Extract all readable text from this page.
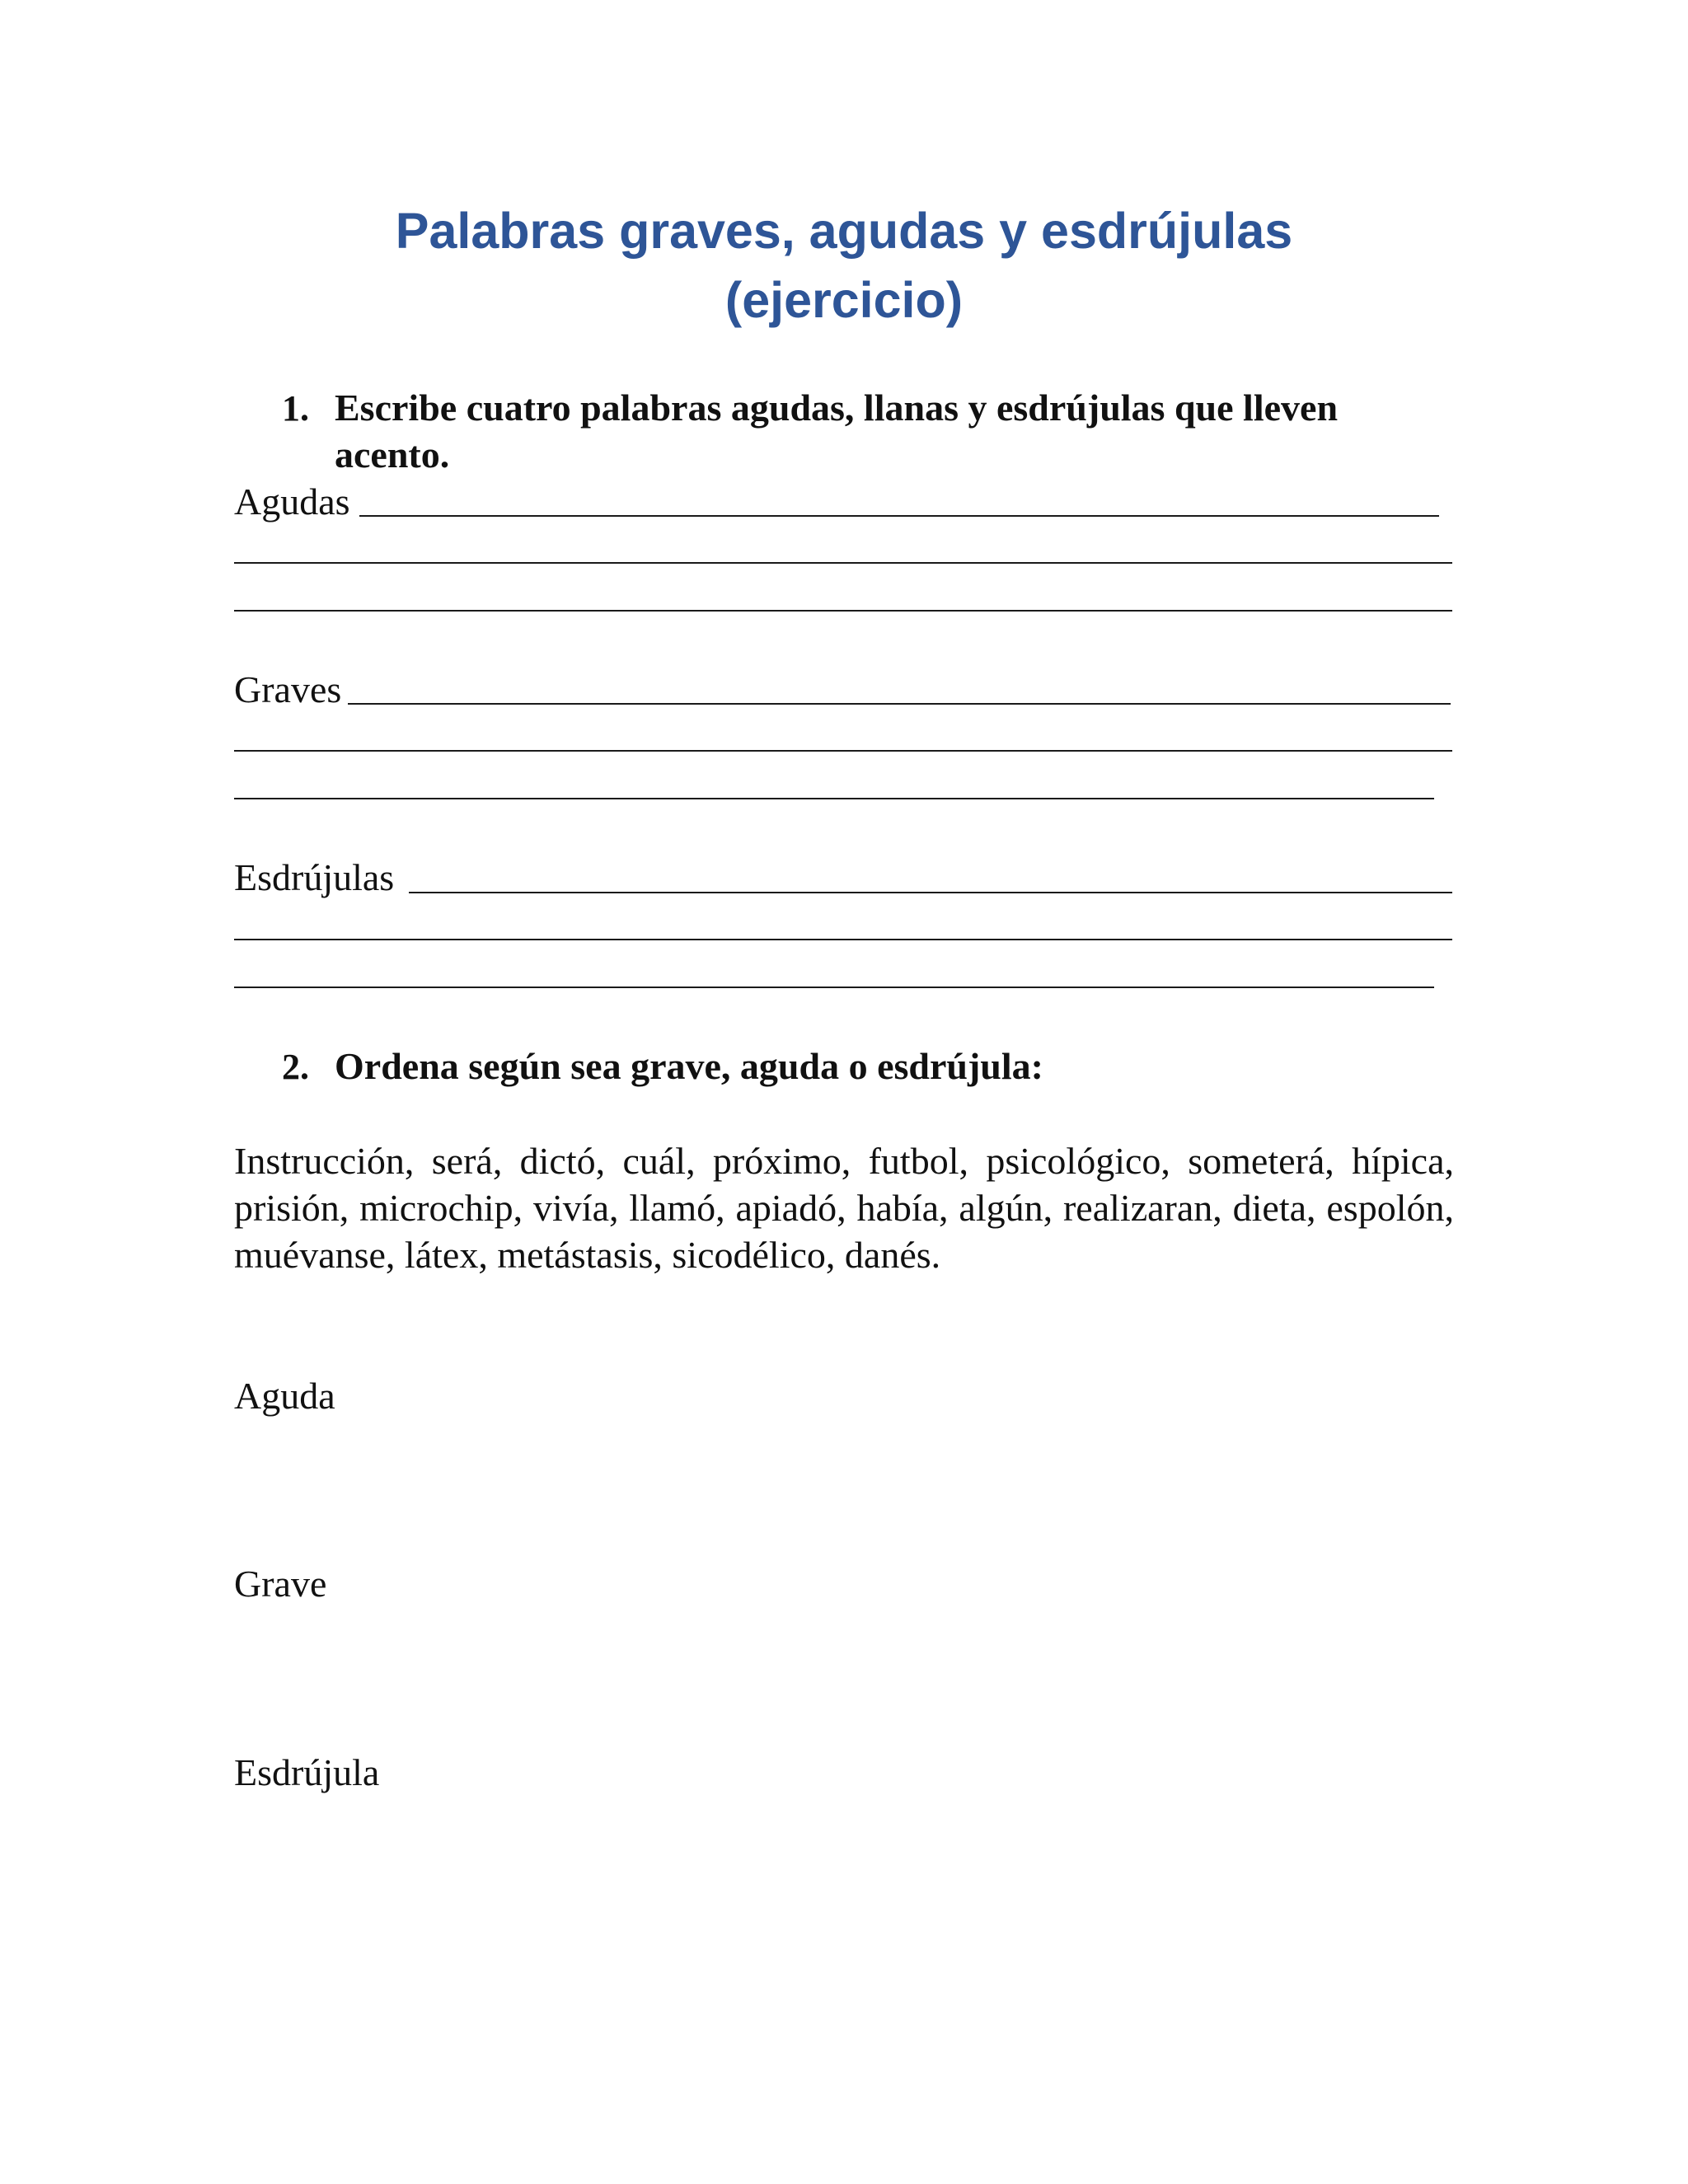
Palabras graves, agudas y esdrújulas
(ejercicio)
1. Escribe cuatro palabras agudas, llanas y esdrújulas que lleven
acento.
Agudas
Graves
Esdrújulas
2. Ordena según sea grave, aguda o esdrújula:
Instrucción, será, dictó, cuál, próximo, futbol, psicológico, someterá, hípica, prisión, microchip, vivía, llamó, apiadó, había, algún, realizaran, dieta, espolón, muévanse, látex, metástasis, sicodélico, danés.
Aguda
Grave
Esdrújula
